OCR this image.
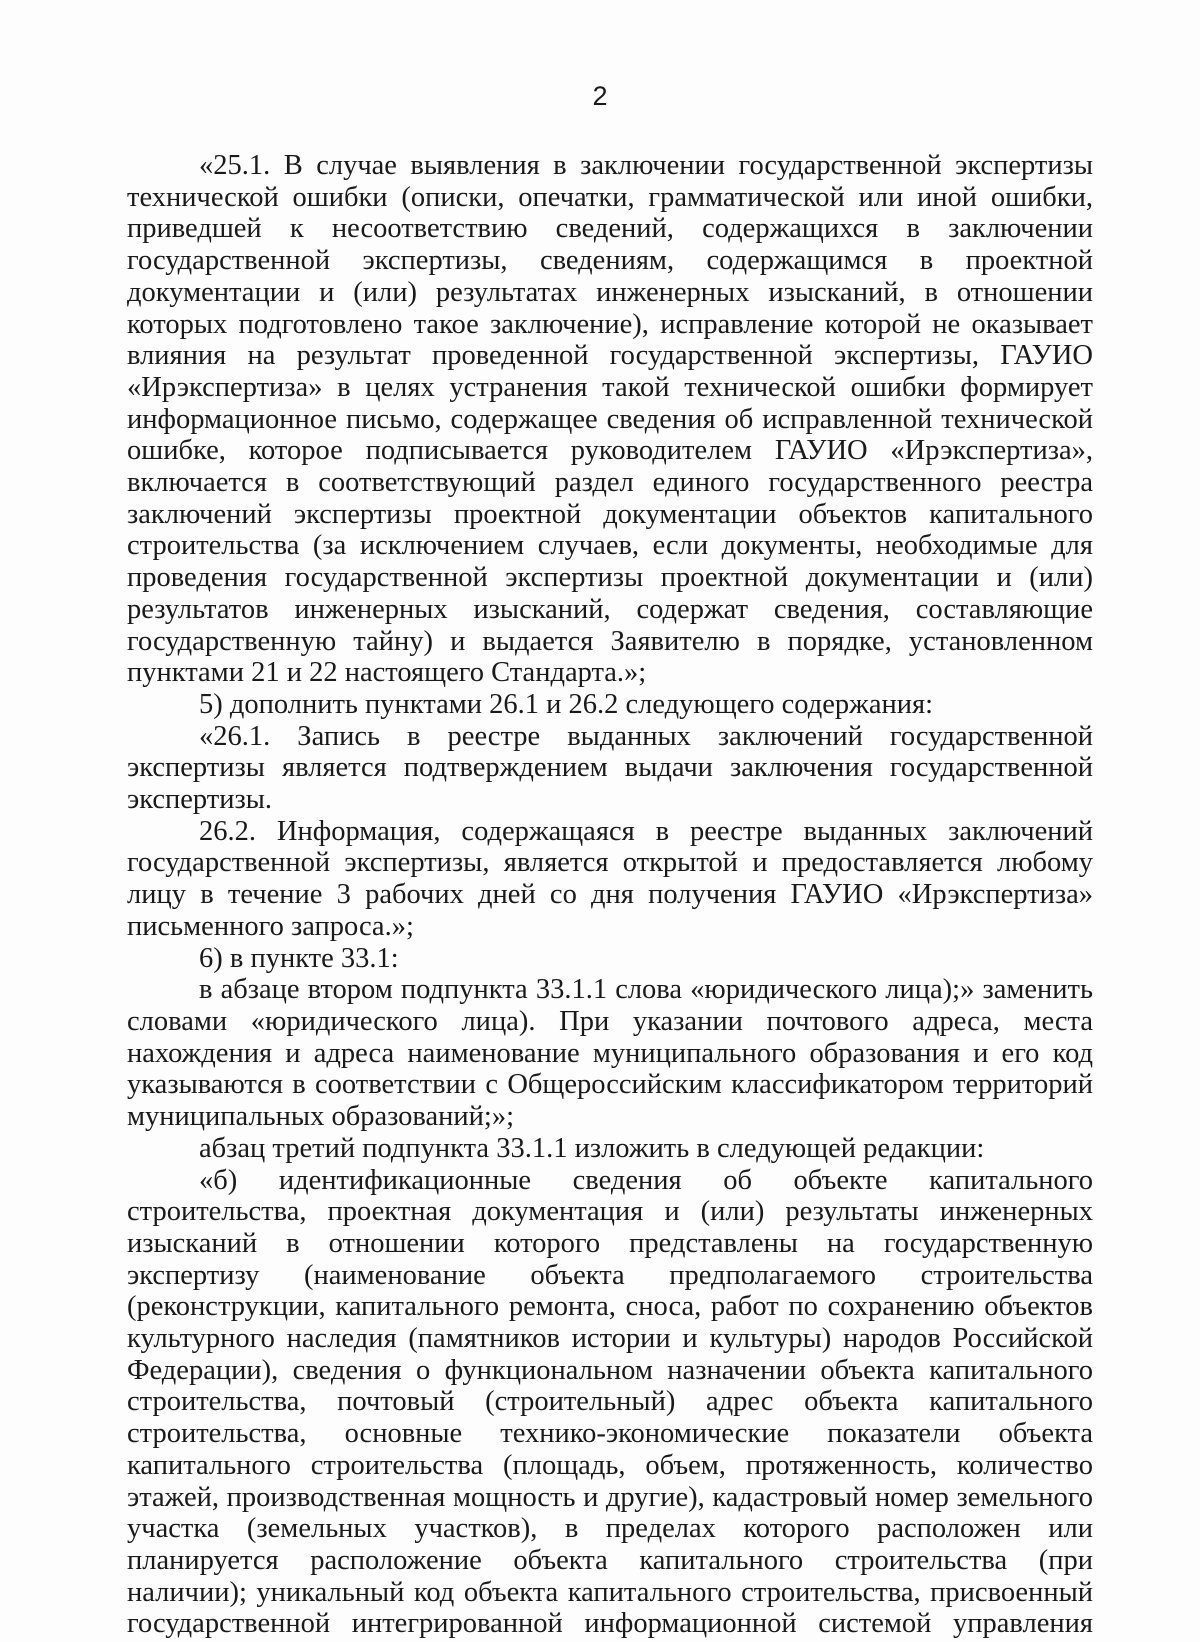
2

«25.1. В случае выявления в заключении государственной экспертизы технической ошибки (описки, опечатки, грамматической или иной ошибки, приведшей к несоответствию сведений, содержащихся в заключении государственной экспертизы, сведениям, содержащимся в проектной документации и (или) результатах инженерных изысканий, в отношении которых подготовлено такое заключение), исправление которой не оказывает влияния на результат проведенной государственной экспертизы, ГАУИО «Ирэкспертиза» в целях устранения такой технической ошибки формирует информационное письмо, содержащее сведения об исправленной технической ошибке, которое подписывается руководителем ГАУИО «Ирэкспертиза», включается в соответствующий раздел единого государственного реестра заключений экспертизы проектной документации объектов капитального строительства (за исключением случаев, если документы, необходимые для проведения государственной экспертизы проектной документации и (или) результатов инженерных изысканий, содержат сведения, составляющие государственную тайну) и выдается Заявителю в порядке, установленном пунктами 21 и 22 настоящего Стандарта.»;

5) дополнить пунктами 26.1 и 26.2 следующего содержания:

«26.1. Запись в реестре выданных заключений государственной экспертизы является подтверждением выдачи заключения государственной экспертизы.

26.2. Информация, содержащаяся в реестре выданных заключений государственной экспертизы, является открытой и предоставляется любому лицу в течение 3 рабочих дней со дня получения ГАУИО «Ирэкспертиза» письменного запроса.»;

6) в пункте 33.1:

в абзаце втором подпункта 33.1.1 слова «юридического лица);» заменить словами «юридического лица). При указании почтового адреса, места нахождения и адреса наименование муниципального образования и его код указываются в соответствии с Общероссийским классификатором территорий муниципальных образований;»;

абзац третий подпункта 33.1.1 изложить в следующей редакции:

«б) идентификационные сведения об объекте капитального строительства, проектная документация и (или) результаты инженерных изысканий в отношении которого представлены на государственную экспертизу (наименование объекта предполагаемого строительства (реконструкции, капитального ремонта, сноса, работ по сохранению объектов культурного наследия (памятников истории и культуры) народов Российской Федерации), сведения о функциональном назначении объекта капитального строительства, почтовый (строительный) адрес объекта капитального строительства, основные технико-экономические показатели объекта капитального строительства (площадь, объем, протяженность, количество этажей, производственная мощность и другие), кадастровый номер земельного участка (земельных участков), в пределах которого расположен или планируется расположение объекта капитального строительства (при наличии); уникальный код объекта капитального строительства, присвоенный государственной интегрированной информационной системой управления
